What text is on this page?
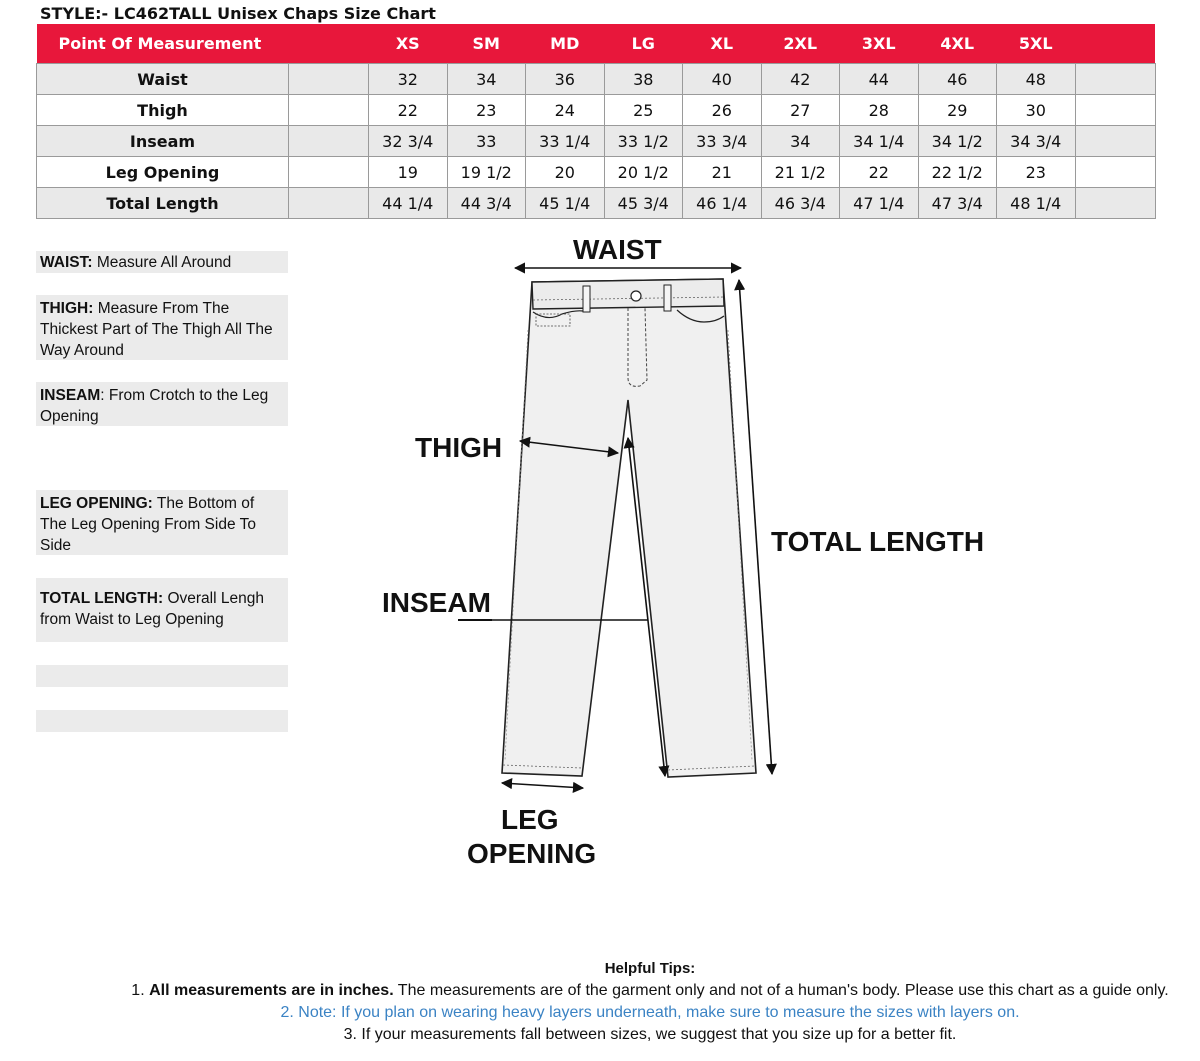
STYLE:- LC462TALL Unisex Chaps Size Chart
Point Of Measurement		XS	SM	MD	LG	XL	2XL	3XL	4XL	5XL	
Waist		32	34	36	38	40	42	44	46	48	
Thigh		22	23	24	25	26	27	28	29	30	
Inseam		32 3/4	33	33 1/4	33 1/2	33 3/4	34	34 1/4	34 1/2	34 3/4	
Leg Opening		19	19 1/2	20	20 1/2	21	21 1/2	22	22 1/2	23	
Total Length		44 1/4	44 3/4	45 1/4	45 3/4	46 1/4	46 3/4	47 1/4	47 3/4	48 1/4	
WAIST: Measure All Around
THIGH: Measure From The Thickest Part of The Thigh All The Way Around
INSEAM: From Crotch to the Leg Opening
LEG OPENING: The Bottom of The Leg Opening From Side To Side
TOTAL LENGTH: Overall Lengh from Waist to Leg Opening
WAIST
THIGH
INSEAM
TOTAL LENGTH
LEG
OPENING
Helpful Tips:
1. All measurements are in inches. The measurements are of the garment only and not of a human's body. Please use this chart as a guide only.
2. Note: If you plan on wearing heavy layers underneath, make sure to measure the sizes with layers on.
3. If your measurements fall between sizes, we suggest that you size up for a better fit.
